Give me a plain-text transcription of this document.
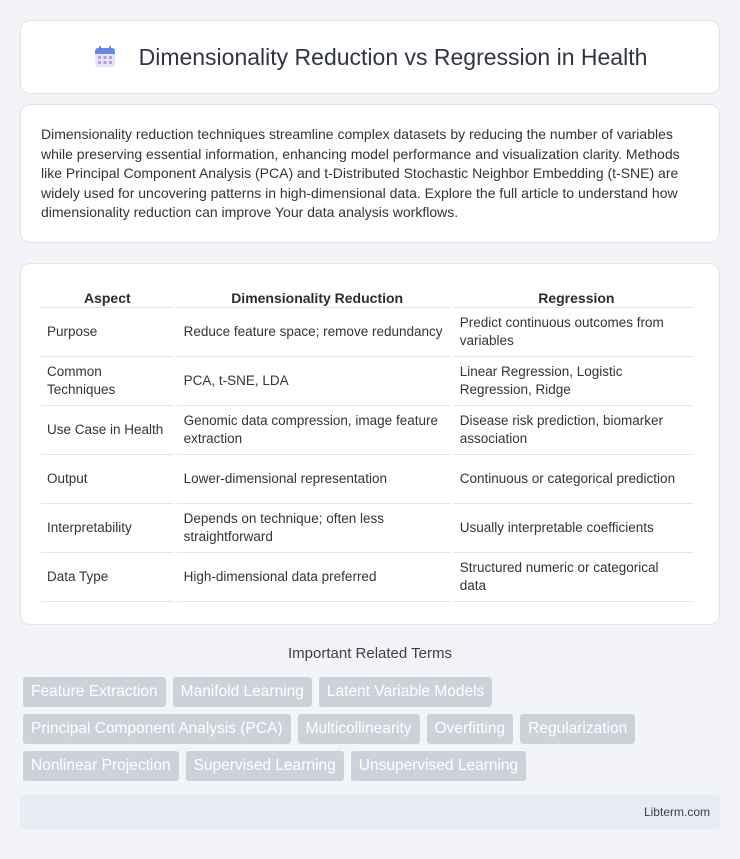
Dimensionality Reduction vs Regression in Health

Dimensionality reduction techniques streamline complex datasets by reducing the number of variables while preserving essential information, enhancing model performance and visualization clarity. Methods like Principal Component Analysis (PCA) and t-Distributed Stochastic Neighbor Embedding (t-SNE) are widely used for uncovering patterns in high-dimensional data. Explore the full article to understand how dimensionality reduction can improve Your data analysis workflows.

Aspect	Dimensionality Reduction	Regression
Purpose	Reduce feature space; remove redundancy	Predict continuous outcomes from variables
Common Techniques	PCA, t-SNE, LDA	Linear Regression, Logistic Regression, Ridge
Use Case in Health	Genomic data compression, image feature extraction	Disease risk prediction, biomarker association
Output	Lower-dimensional representation	Continuous or categorical prediction
Interpretability	Depends on technique; often less straightforward	Usually interpretable coefficients
Data Type	High-dimensional data preferred	Structured numeric or categorical data
Important Related Terms
Feature Extraction	Manifold Learning	Latent Variable Models
Principal Component Analysis (PCA)	Multicollinearity	Overfitting	Regularization
Nonlinear Projection	Supervised Learning	Unsupervised Learning
Libterm.com
